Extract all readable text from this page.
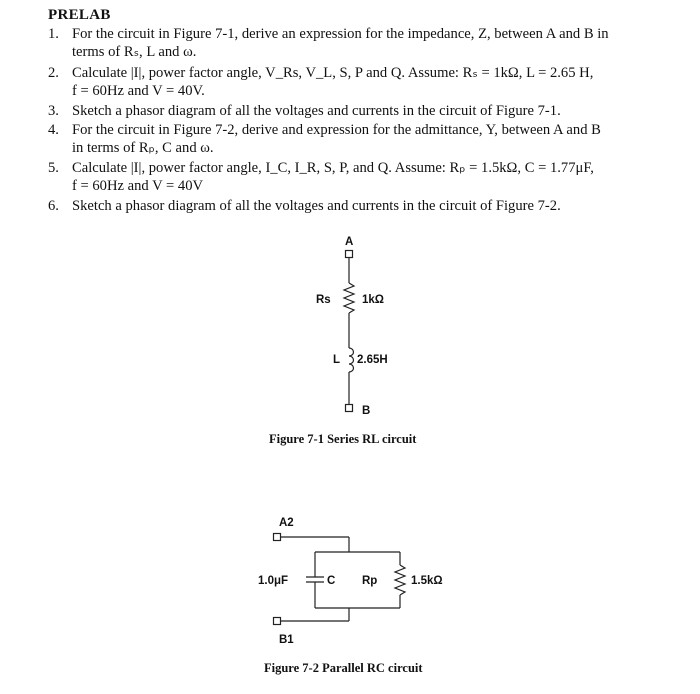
PRELAB
1. For the circuit in Figure 7-1, derive an expression for the impedance, Z, between A and B in
terms of Rₛ, L and ω.
2. Calculate |I|, power factor angle, V_Rs, V_L, S, P and Q. Assume: Rₛ = 1kΩ, L = 2.65 H,
f = 60Hz and V = 40V.
3. Sketch a phasor diagram of all the voltages and currents in the circuit of Figure 7-1.
4. For the circuit in Figure 7-2, derive and expression for the admittance, Y, between A and B
in terms of Rₚ, C and ω.
5. Calculate |I|, power factor angle, I_C, I_R, S, P, and Q. Assume: Rₚ = 1.5kΩ, C = 1.77μF,
f = 60Hz and V = 40V
6. Sketch a phasor diagram of all the voltages and currents in the circuit of Figure 7-2.
A
Rs	1kΩ
L 2.65H
B
Figure 7-1 Series RL circuit
A2
1.0μF	C Rp	1.5kΩ
B1
Figure 7-2 Parallel RC circuit
